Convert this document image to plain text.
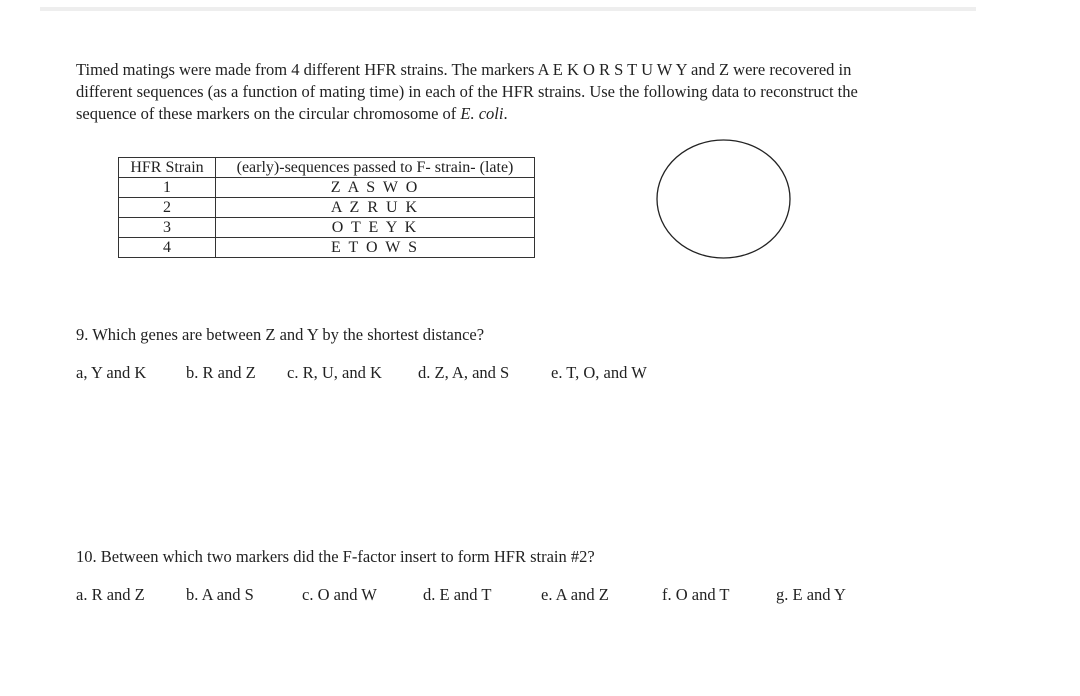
Timed matings were made from 4 different HFR strains. The markers A E K O R S T U W Y and Z were recovered in different sequences (as a function of mating time) in each of the HFR strains. Use the following data to reconstruct the sequence of these markers on the circular chromosome of E. coli.

HFR Strain	(early)-sequences passed to F- strain- (late)
1	Z A S W O
2	A Z R U K
3	O T E Y K
4	E T O W S

9. Which genes are between Z and Y by the shortest distance?

a, Y and K b. R and Z c. R, U, and K d. Z, A, and S	e. T, O, and W

10. Between which two markers did the F-factor insert to form HFR strain #2?

a. R and Z	b. A and S	c. O and W	d. E and T	e. A and Z	f. O and T	g. E and Y
